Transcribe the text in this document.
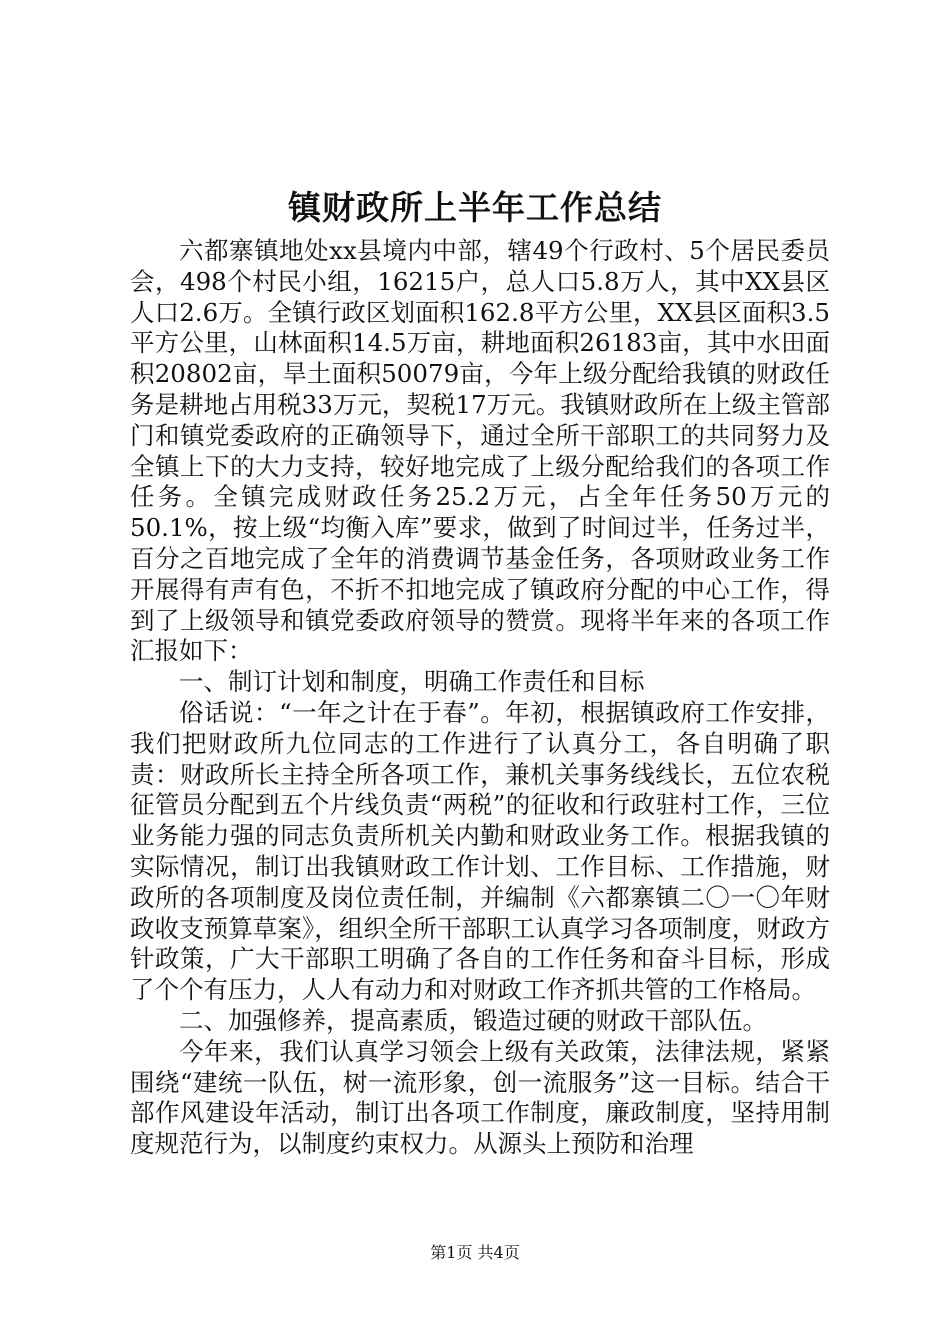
镇财政所上半年工作总结

六都寨镇地处xx县境内中部，辖49个行政村、5个居民委员会，498个村民小组，16215户，总人口5.8万人，其中XX县区人口2.6万。全镇行政区划面积162.8平方公里，XX县区面积3.5平方公里，山林面积14.5万亩，耕地面积26183亩，其中水田面积20802亩，旱土面积50079亩，今年上级分配给我镇的财政任务是耕地占用税33万元，契税17万元。我镇财政所在上级主管部门和镇党委政府的正确领导下，通过全所干部职工的共同努力及全镇上下的大力支持，较好地完成了上级分配给我们的各项工作任务。全镇完成财政任务25.2万元，占全年任务50万元的50.1%，按上级“均衡入库”要求，做到了时间过半，任务过半，百分之百地完成了全年的消费调节基金任务，各项财政业务工作开展得有声有色，不折不扣地完成了镇政府分配的中心工作，得到了上级领导和镇党委政府领导的赞赏。现将半年来的各项工作汇报如下：

一、制订计划和制度，明确工作责任和目标

俗话说：“一年之计在于春”。年初，根据镇政府工作安排，我们把财政所九位同志的工作进行了认真分工，各自明确了职责：财政所长主持全所各项工作，兼机关事务线线长，五位农税征管员分配到五个片线负责“两税”的征收和行政驻村工作，三位业务能力强的同志负责所机关内勤和财政业务工作。根据我镇的实际情况，制订出我镇财政工作计划、工作目标、工作措施，财政所的各项制度及岗位责任制，并编制《六都寨镇二〇一〇年财政收支预算草案》，组织全所干部职工认真学习各项制度，财政方针政策，广大干部职工明确了各自的工作任务和奋斗目标，形成了个个有压力，人人有动力和对财政工作齐抓共管的工作格局。

二、加强修养，提高素质，锻造过硬的财政干部队伍。

今年来，我们认真学习领会上级有关政策，法律法规，紧紧围绕“建统一队伍，树一流形象，创一流服务”这一目标。结合干部作风建设年活动，制订出各项工作制度，廉政制度，坚持用制度规范行为，以制度约束权力。从源头上预防和治理

第1页 共4页
